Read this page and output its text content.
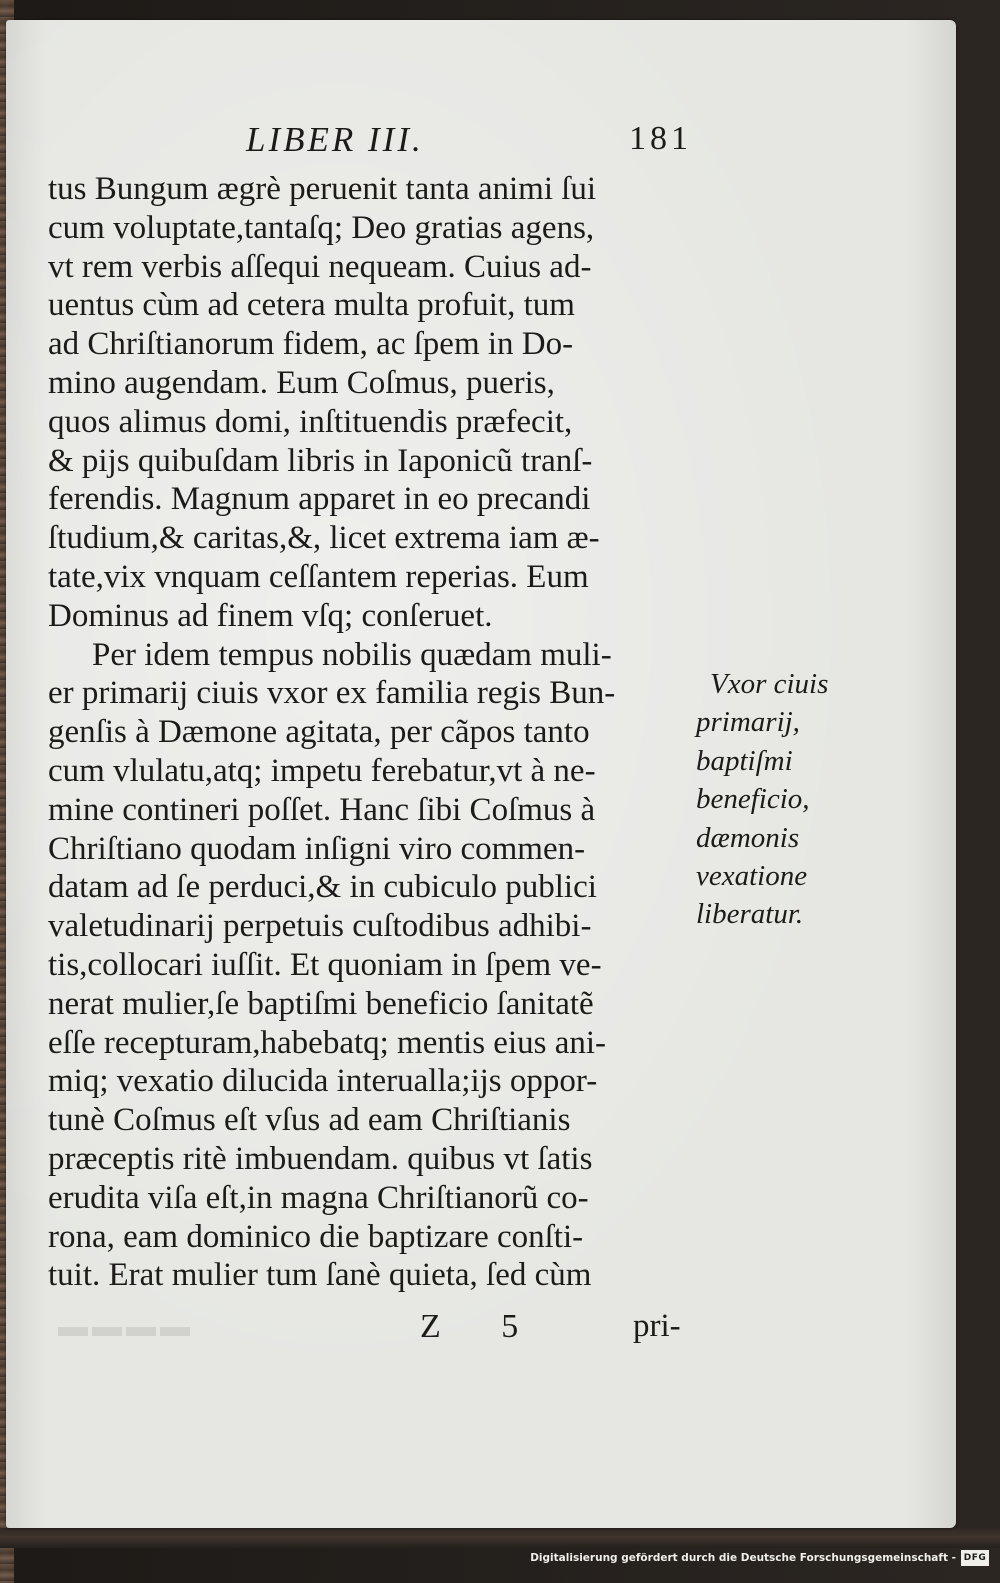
LIBER III.	181
tus Bungum ægrè peruenit tanta animi ſui
cum voluptate,tantaſq; Deo gratias agens,
vt rem verbis aſſequi nequeam. Cuius ad-
uentus cùm ad cetera multa profuit, tum
ad Chriſtianorum fidem, ac ſpem in Do-
mino augendam. Eum Coſmus, pueris,
quos alimus domi, inſtituendis præfecit,
& pijs quibuſdam libris in Iaponicũ tranſ-
ferendis. Magnum apparet in eo precandi
ſtudium,& caritas,&, licet extrema iam æ-
tate,vix vnquam ceſſantem reperias. Eum
Dominus ad finem vſq; conſeruet.
Per idem tempus nobilis quædam muli-
er primarij ciuis vxor ex familia regis Bun-
genſis à Dæmone agitata, per cãpos tanto
cum vlulatu,atq; impetu ferebatur,vt à ne-
mine contineri poſſet. Hanc ſibi Coſmus à
Chriſtiano quodam inſigni viro commen-
datam ad ſe perduci,& in cubiculo publici
valetudinarij perpetuis cuſtodibus adhibi-
tis,collocari iuſſit. Et quoniam in ſpem ve-
nerat mulier,ſe baptiſmi beneficio ſanitatẽ
eſſe recepturam,habebatq; mentis eius ani-
miq; vexatio dilucida interualla;ijs oppor-
tunè Coſmus eſt vſus ad eam Chriſtianis
præceptis ritè imbuendam. quibus vt ſatis
erudita viſa eſt,in magna Chriſtianorũ co-
rona, eam dominico die baptizare conſti-
tuit. Erat mulier tum ſanè quieta, ſed cùm
Vxor ciuis
primarij,
baptiſmi
beneficio,
dæmonis
vexatione
liberatur.
▬▬▬▬	Z 5	pri-
Digitalisierung gefördert durch die Deutsche Forschungsgemeinschaft - DFG
